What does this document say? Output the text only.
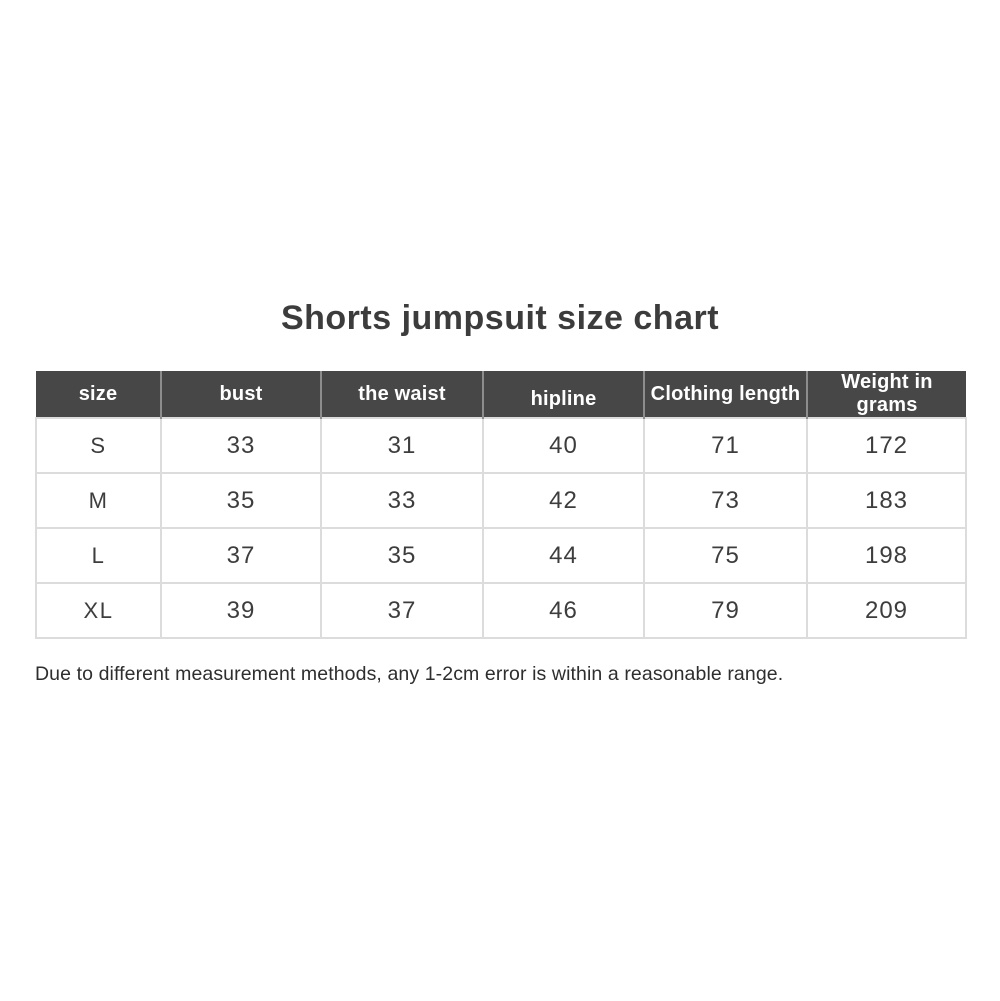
Shorts jumpsuit size chart
size	bust	the waist	hipline	Clothing length	Weight in grams
S	33	31	40	71	172
M	35	33	42	73	183
L	37	35	44	75	198
XL	39	37	46	79	209

Due to different measurement methods, any 1-2cm error is within a reasonable range.
